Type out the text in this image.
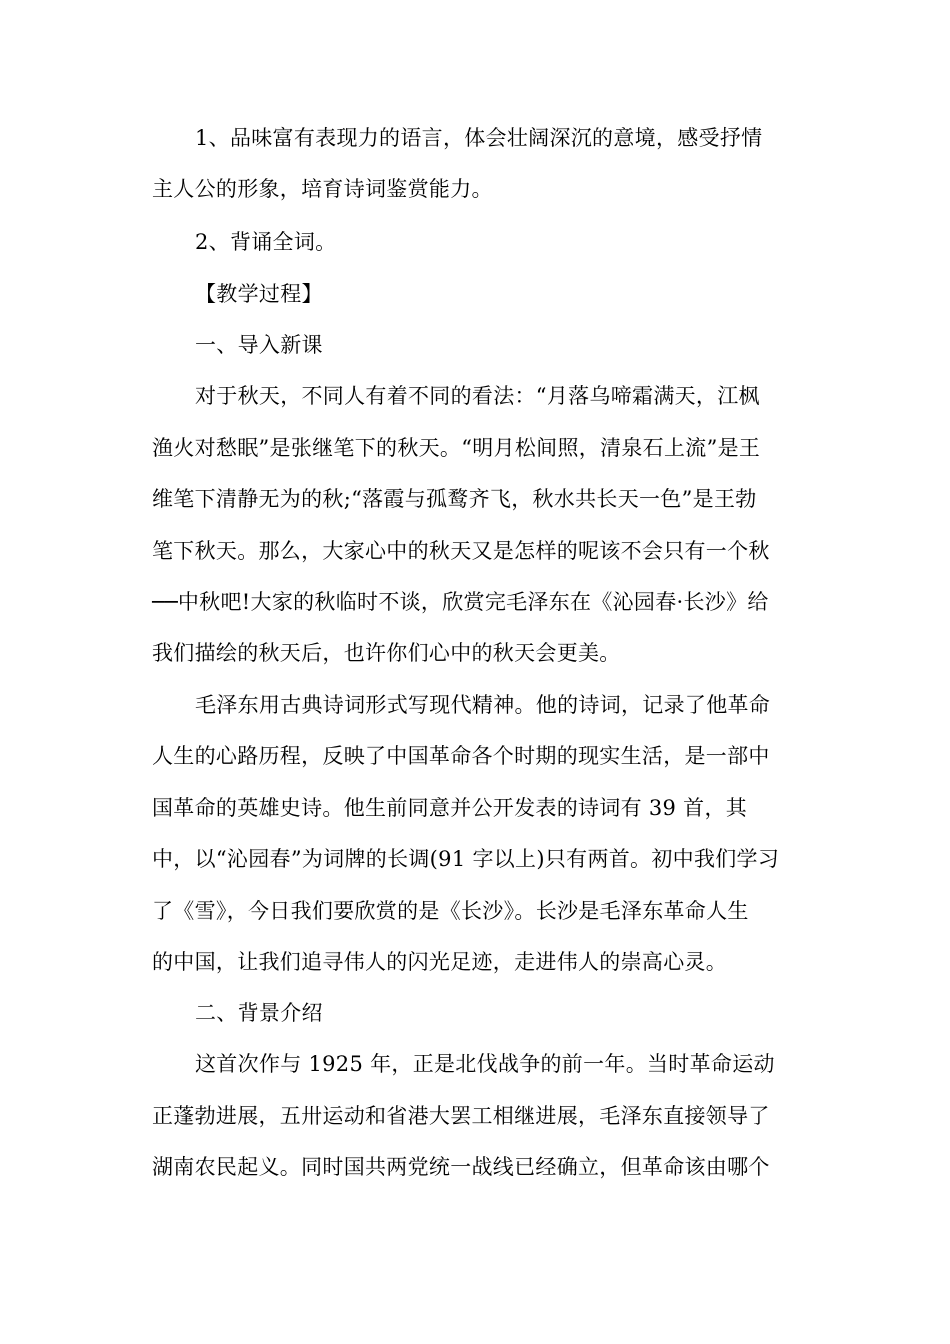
1、品味富有表现力的语言，体会壮阔深沉的意境，感受抒情
主人公的形象，培育诗词鉴赏能力。
2、背诵全词。
【教学过程】
一、导入新课
对于秋天，不同人有着不同的看法：“月落乌啼霜满天，江枫
渔火对愁眠”是张继笔下的秋天。“明月松间照，清泉石上流”是王
维笔下清静无为的秋;“落霞与孤鹜齐飞，秋水共长天一色”是王勃
笔下秋天。那么，大家心中的秋天又是怎样的呢该不会只有一个秋
──中秋吧!大家的秋临时不谈，欣赏完毛泽东在《沁园春·长沙》给
我们描绘的秋天后，也许你们心中的秋天会更美。
毛泽东用古典诗词形式写现代精神。他的诗词，记录了他革命
人生的心路历程，反映了中国革命各个时期的现实生活，是一部中
国革命的英雄史诗。他生前同意并公开发表的诗词有 39 首，其
中，以“沁园春”为词牌的长调(91 字以上)只有两首。初中我们学习
了《雪》，今日我们要欣赏的是《长沙》。长沙是毛泽东革命人生
的中国，让我们追寻伟人的闪光足迹，走进伟人的崇高心灵。
二、背景介绍
这首次作与 1925 年，正是北伐战争的前一年。当时革命运动
正蓬勃进展，五卅运动和省港大罢工相继进展，毛泽东直接领导了
湖南农民起义。同时国共两党统一战线已经确立，但革命该由哪个
